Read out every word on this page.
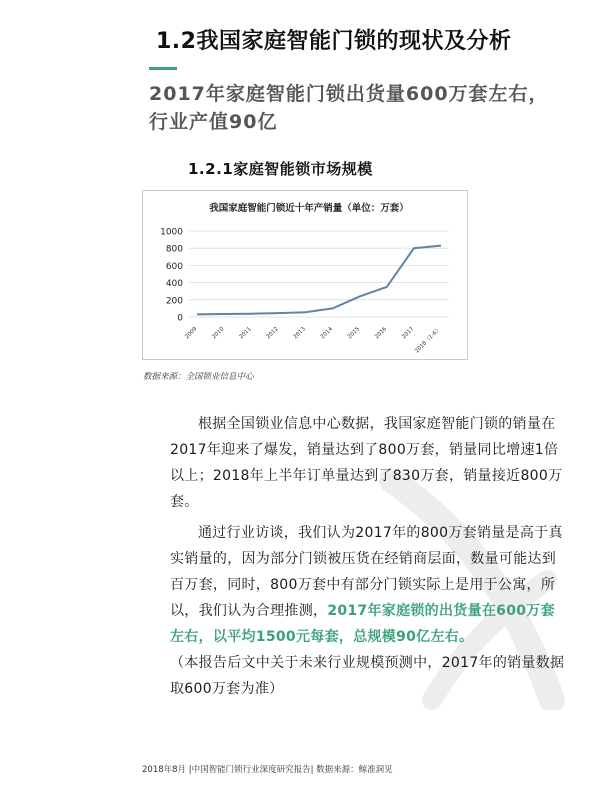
1.2我国家庭智能门锁的现状及分析
2017年家庭智能门锁出货量600万套左右，
行业产值90亿
1.2.1家庭智能锁市场规模
我国家庭智能门锁近十年产销量（单位：万套）
1000
800
600
400
200
0
2009 2010 2011 2012 2013 2014 2015 2016 2017
2018（1-6）
数据来源：全国锁业信息中心

根据全国锁业信息中心数据，我国家庭智能门锁的销量在2017年迎来了爆发，销量达到了800万套，销量同比增速1倍以上；2018年上半年订单量达到了830万套，销量接近800万套。

通过行业访谈，我们认为2017年的800万套销量是高于真实销量的，因为部分门锁被压货在经销商层面，数量可能达到百万套，同时，800万套中有部分门锁实际上是用于公寓，所以，我们认为合理推测，2017年家庭锁的出货量在600万套左右，以平均1500元每套，总规模90亿左右。

（本报告后文中关于未来行业规模预测中，2017年的销量数据取600万套为准）
2018年8月 |中国智能门锁行业深度研究报告| 数据来源：鲸准洞见
